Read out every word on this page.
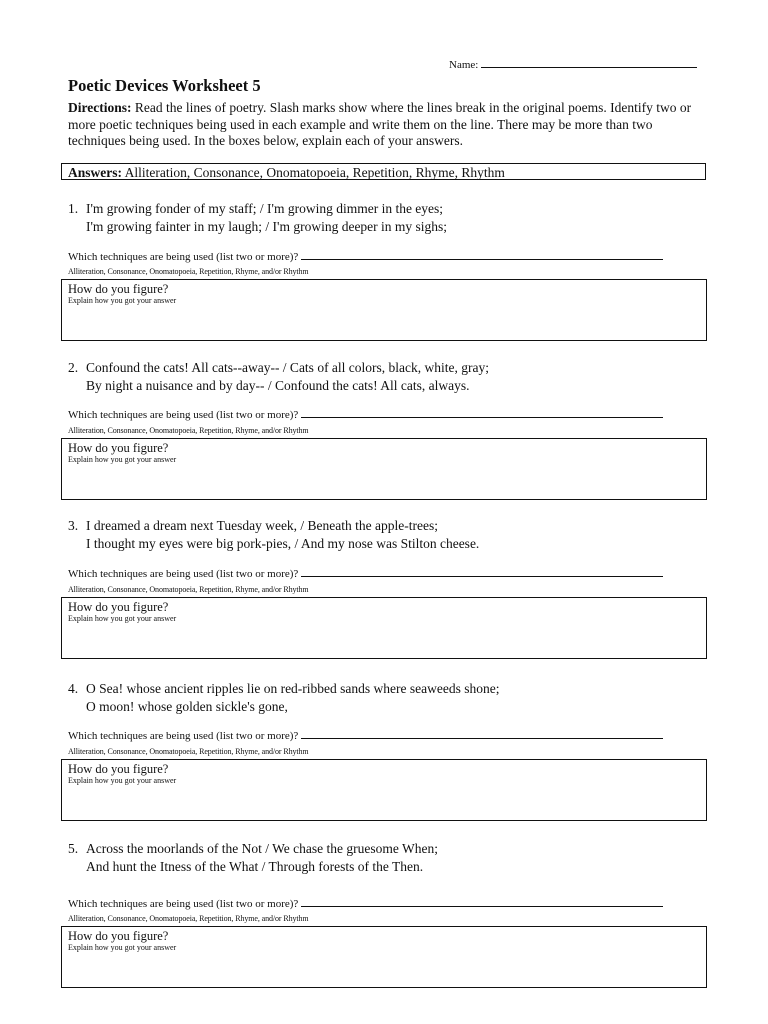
Name:
Poetic Devices Worksheet 5
Directions: Read the lines of poetry. Slash marks show where the lines break in the original poems. Identify two or more poetic techniques being used in each example and write them on the line. There may be more than two techniques being used. In the boxes below, explain each of your answers.
Answers: Alliteration, Consonance, Onomatopoeia, Repetition, Rhyme, Rhythm
1. I'm growing fonder of my staff; / I'm growing dimmer in the eyes;
I'm growing fainter in my laugh; / I'm growing deeper in my sighs;
Which techniques are being used (list two or more)?
Alliteration, Consonance, Onomatopoeia, Repetition, Rhyme, and/or Rhythm
How do you figure?
Explain how you got your answer
2. Confound the cats! All cats--away-- / Cats of all colors, black, white, gray;
By night a nuisance and by day-- / Confound the cats! All cats, always.
Which techniques are being used (list two or more)?
Alliteration, Consonance, Onomatopoeia, Repetition, Rhyme, and/or Rhythm
How do you figure?
Explain how you got your answer
3. I dreamed a dream next Tuesday week, / Beneath the apple-trees;
I thought my eyes were big pork-pies, / And my nose was Stilton cheese.
Which techniques are being used (list two or more)?
Alliteration, Consonance, Onomatopoeia, Repetition, Rhyme, and/or Rhythm
How do you figure?
Explain how you got your answer
4. O Sea! whose ancient ripples lie on red-ribbed sands where seaweeds shone;
O moon! whose golden sickle's gone,
Which techniques are being used (list two or more)?
Alliteration, Consonance, Onomatopoeia, Repetition, Rhyme, and/or Rhythm
How do you figure?
Explain how you got your answer
5. Across the moorlands of the Not / We chase the gruesome When;
And hunt the Itness of the What / Through forests of the Then.
Which techniques are being used (list two or more)?
Alliteration, Consonance, Onomatopoeia, Repetition, Rhyme, and/or Rhythm
How do you figure?
Explain how you got your answer
